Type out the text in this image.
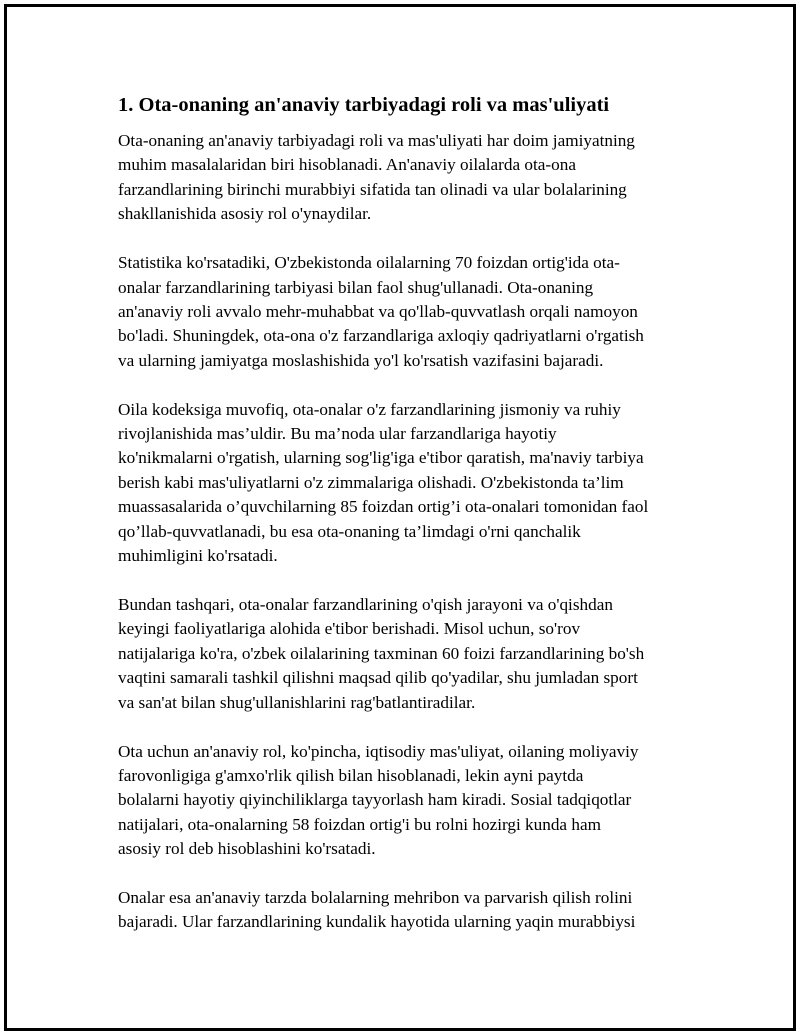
1. Ota-onaning an'anaviy tarbiyadagi roli va mas'uliyati

Ota-onaning an'anaviy tarbiyadagi roli va mas'uliyati har doim jamiyatning
muhim masalalaridan biri hisoblanadi. An'anaviy oilalarda ota-ona
farzandlarining birinchi murabbiyi sifatida tan olinadi va ular bolalarining
shakllanishida asosiy rol o'ynaydilar.

Statistika ko'rsatadiki, O'zbekistonda oilalarning 70 foizdan ortig'ida ota-
onalar farzandlarining tarbiyasi bilan faol shug'ullanadi. Ota-onaning
an'anaviy roli avvalo mehr-muhabbat va qo'llab-quvvatlash orqali namoyon
bo'ladi. Shuningdek, ota-ona o'z farzandlariga axloqiy qadriyatlarni o'rgatish
va ularning jamiyatga moslashishida yo'l ko'rsatish vazifasini bajaradi.

Oila kodeksiga muvofiq, ota-onalar o'z farzandlarining jismoniy va ruhiy
rivojlanishida mas’uldir. Bu ma’noda ular farzandlariga hayotiy
ko'nikmalarni o'rgatish, ularning sog'lig'iga e'tibor qaratish, ma'naviy tarbiya
berish kabi mas'uliyatlarni o'z zimmalariga olishadi. O'zbekistonda ta’lim
muassasalarida o’quvchilarning 85 foizdan ortig’i ota-onalari tomonidan faol
qo’llab-quvvatlanadi, bu esa ota-onaning ta’limdagi o'rni qanchalik
muhimligini ko'rsatadi.

Bundan tashqari, ota-onalar farzandlarining o'qish jarayoni va o'qishdan
keyingi faoliyatlariga alohida e'tibor berishadi. Misol uchun, so'rov
natijalariga ko'ra, o'zbek oilalarining taxminan 60 foizi farzandlarining bo'sh
vaqtini samarali tashkil qilishni maqsad qilib qo'yadilar, shu jumladan sport
va san'at bilan shug'ullanishlarini rag'batlantiradilar.

Ota uchun an'anaviy rol, ko'pincha, iqtisodiy mas'uliyat, oilaning moliyaviy
farovonligiga g'amxo'rlik qilish bilan hisoblanadi, lekin ayni paytda
bolalarni hayotiy qiyinchiliklarga tayyorlash ham kiradi. Sosial tadqiqotlar
natijalari, ota-onalarning 58 foizdan ortig'i bu rolni hozirgi kunda ham
asosiy rol deb hisoblashini ko'rsatadi.

Onalar esa an'anaviy tarzda bolalarning mehribon va parvarish qilish rolini
bajaradi. Ular farzandlarining kundalik hayotida ularning yaqin murabbiysi
